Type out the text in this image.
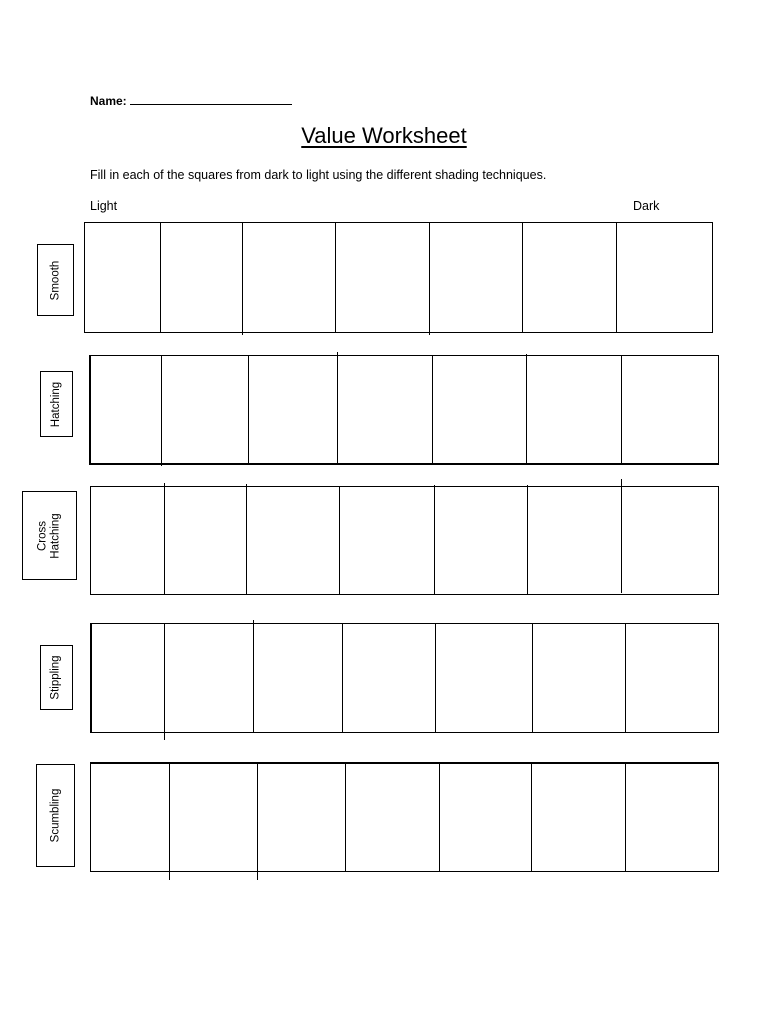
Name:
Value Worksheet
Fill in each of the squares from dark to light using the different shading techniques.
Light	Dark
Smooth
Hatching
Cross
Hatching
Stippling
Scumbling
